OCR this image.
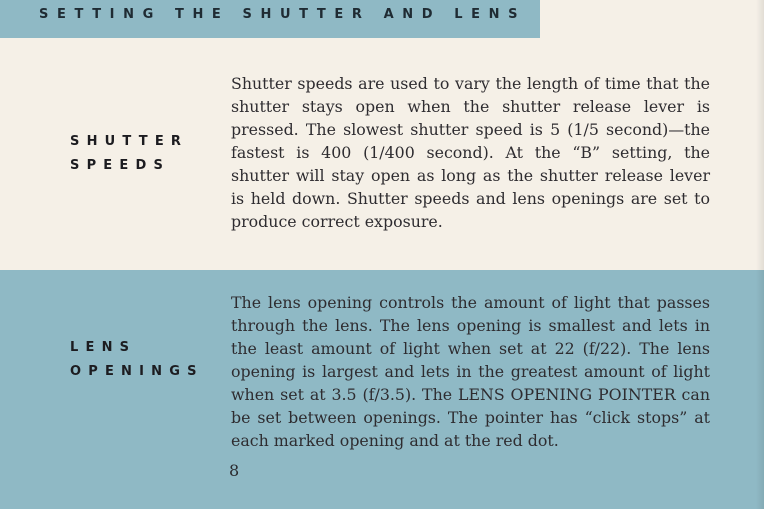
SETTING THE SHUTTER AND LENS
SHUTTER
SPEEDS
Shutter speeds are used to vary the length of time that the shutter stays open when the shutter release lever is pressed. The slowest shutter speed is 5 (1/5 second)—the fastest is 400 (1/400 second). At the “B” setting, the shutter will stay open as long as the shutter release lever is held down. Shutter speeds and lens openings are set to produce correct exposure.
LENS
OPENINGS
The lens opening controls the amount of light that passes through the lens. The lens opening is smallest and lets in the least amount of light when set at 22 (f/22). The lens opening is largest and lets in the greatest amount of light when set at 3.5 (f/3.5). The LENS OPENING POINTER can be set between openings. The pointer has “click stops” at each marked opening and at the red dot.
8
